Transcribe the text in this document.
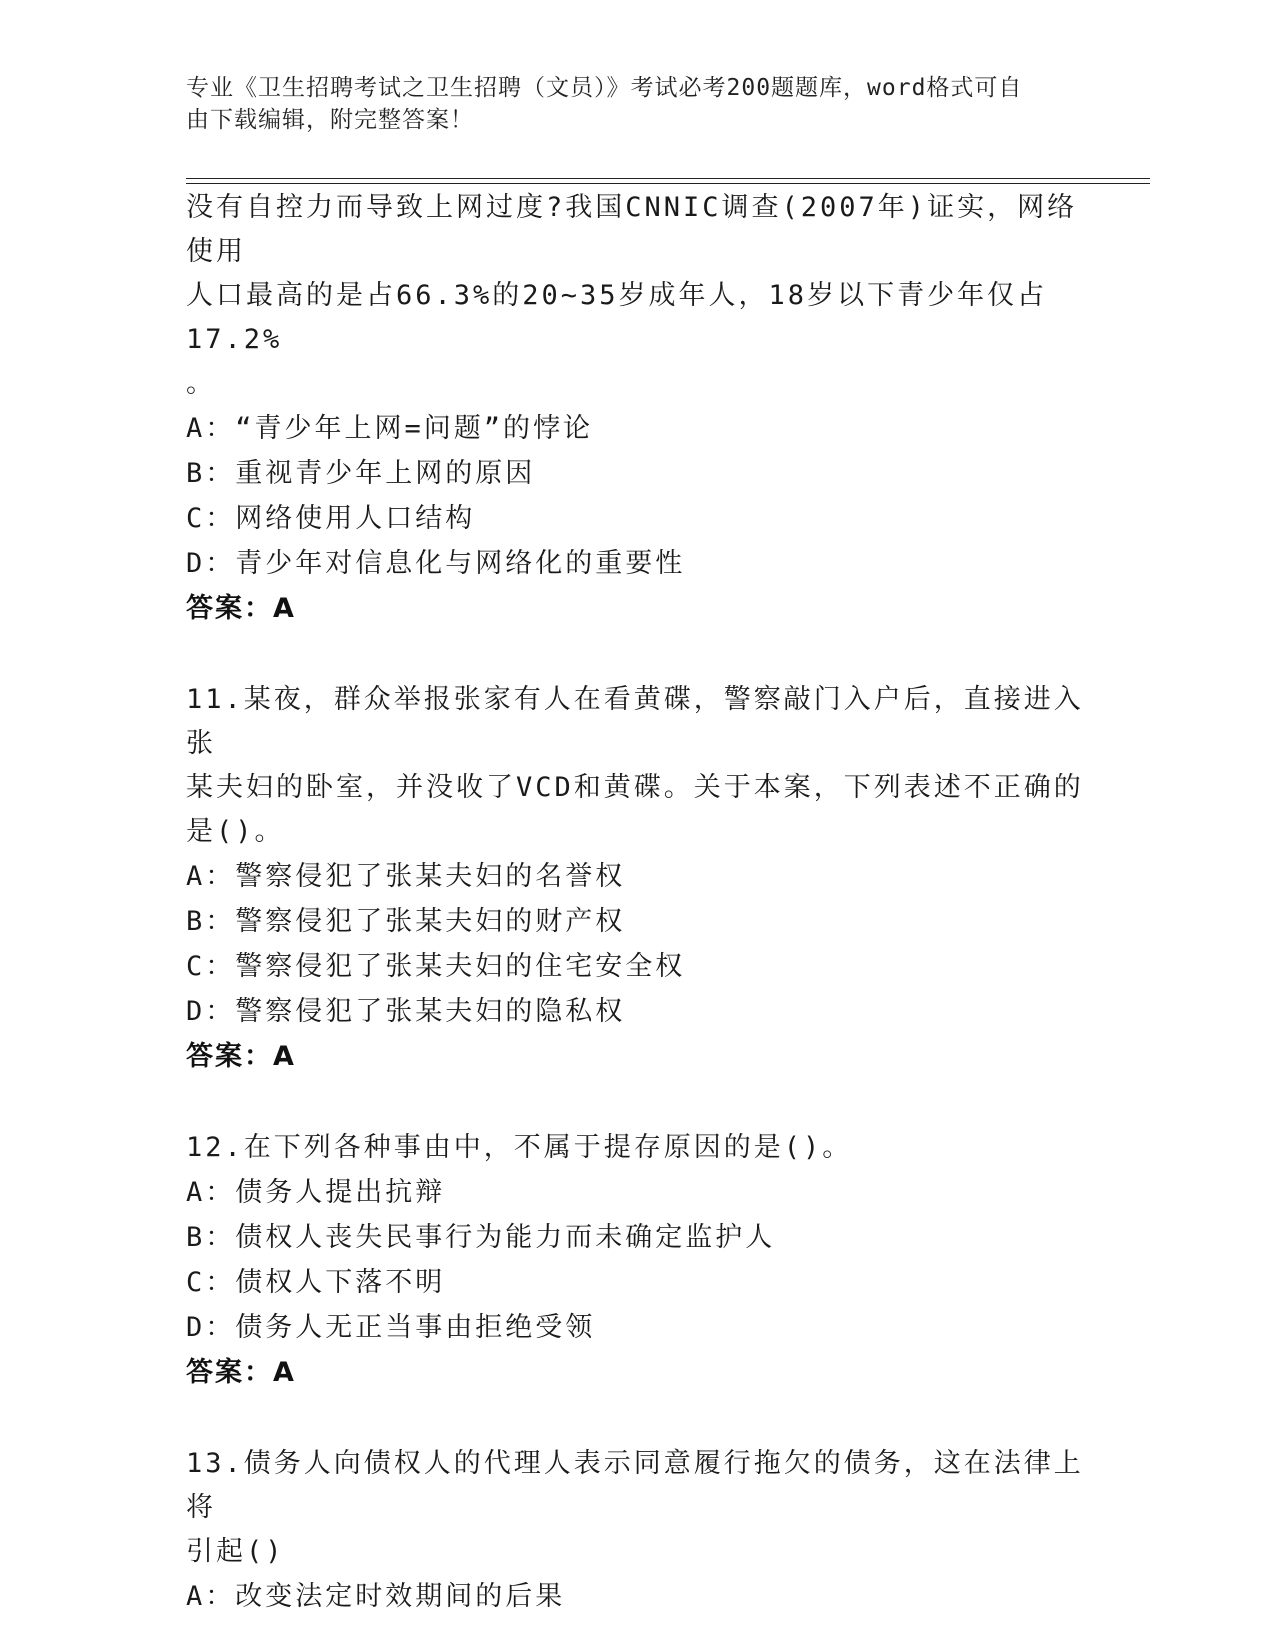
专业《卫生招聘考试之卫生招聘（文员）》考试必考200题题库，word格式可自
由下载编辑，附完整答案！

没有自控力而导致上网过度?我国CNNIC调查(2007年)证实，网络使用

人口最高的是占66.3%的20~35岁成年人，18岁以下青少年仅占17.2%

。

A：“青少年上网=问题”的悖论

B：重视青少年上网的原因

C：网络使用人口结构

D：青少年对信息化与网络化的重要性

答案：A

11.某夜，群众举报张家有人在看黄碟，警察敲门入户后，直接进入张

某夫妇的卧室，并没收了VCD和黄碟。关于本案，下列表述不正确的

是()。

A：警察侵犯了张某夫妇的名誉权

B：警察侵犯了张某夫妇的财产权

C：警察侵犯了张某夫妇的住宅安全权

D：警察侵犯了张某夫妇的隐私权

答案：A

12.在下列各种事由中，不属于提存原因的是()。

A：债务人提出抗辩

B：债权人丧失民事行为能力而未确定监护人

C：债权人下落不明

D：债务人无正当事由拒绝受领

答案：A

13.债务人向债权人的代理人表示同意履行拖欠的债务，这在法律上将

引起()

A：改变法定时效期间的后果
